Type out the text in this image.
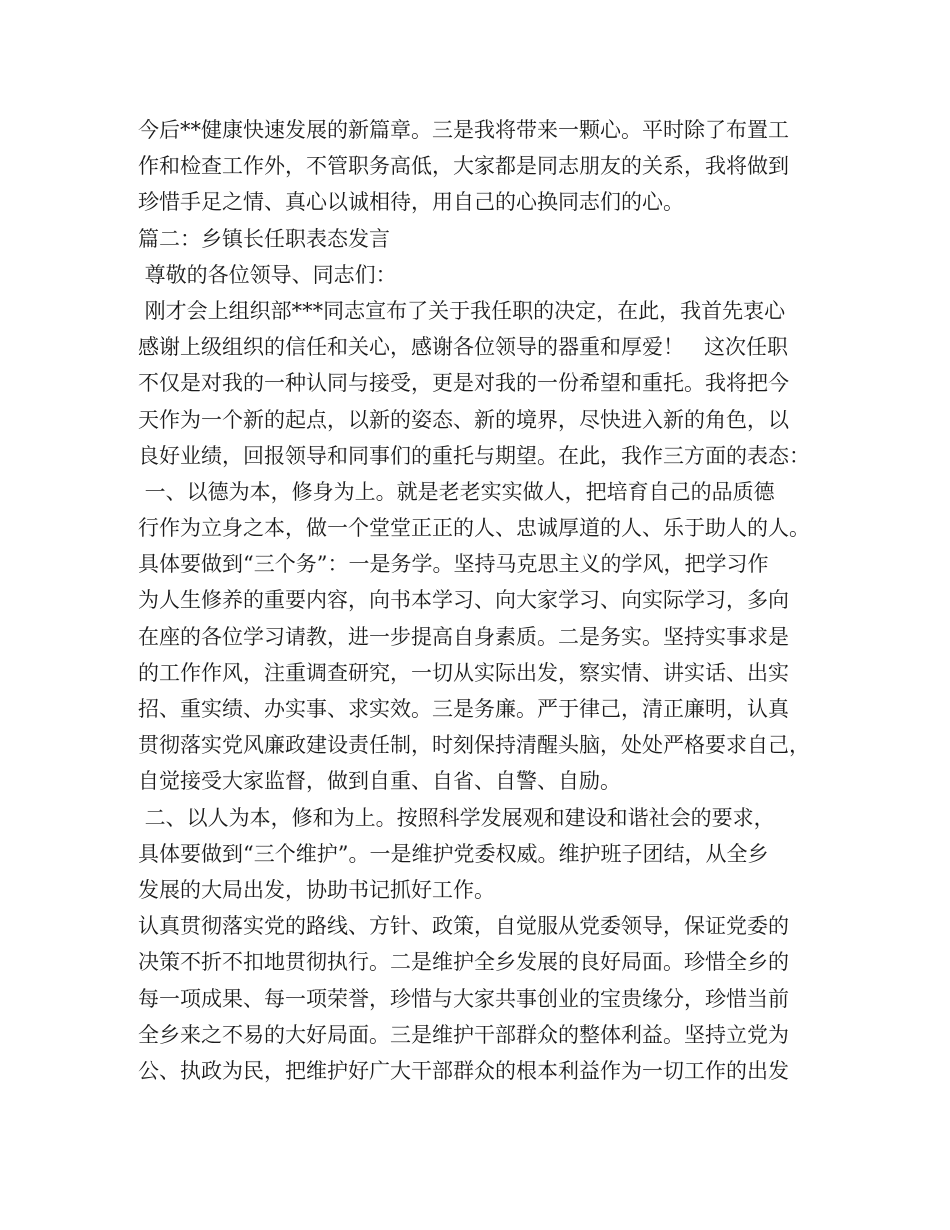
今后**健康快速发展的新篇章。三是我将带来一颗心。平时除了布置工
作和检查工作外，不管职务高低，大家都是同志朋友的关系，我将做到
珍惜手足之情、真心以诚相待，用自己的心换同志们的心。
篇二：乡镇长任职表态发言
尊敬的各位领导、同志们：
刚才会上组织部***同志宣布了关于我任职的决定，在此，我首先衷心
感谢上级组织的信任和关心，感谢各位领导的器重和厚爱！   这次任职
不仅是对我的一种认同与接受，更是对我的一份希望和重托。我将把今
天作为一个新的起点，以新的姿态、新的境界，尽快进入新的角色，以
良好业绩，回报领导和同事们的重托与期望。在此，我作三方面的表态：
一、以德为本，修身为上。就是老老实实做人，把培育自己的品质德
行作为立身之本，做一个堂堂正正的人、忠诚厚道的人、乐于助人的人。
具体要做到“三个务”：一是务学。坚持马克思主义的学风，把学习作
为人生修养的重要内容，向书本学习、向大家学习、向实际学习，多向
在座的各位学习请教，进一步提高自身素质。二是务实。坚持实事求是
的工作作风，注重调查研究，一切从实际出发，察实情、讲实话、出实
招、重实绩、办实事、求实效。三是务廉。严于律己，清正廉明，认真
贯彻落实党风廉政建设责任制，时刻保持清醒头脑，处处严格要求自己，
自觉接受大家监督，做到自重、自省、自警、自励。
二、以人为本，修和为上。按照科学发展观和建设和谐社会的要求，
具体要做到“三个维护”。一是维护党委权威。维护班子团结，从全乡
发展的大局出发，协助书记抓好工作。
认真贯彻落实党的路线、方针、政策，自觉服从党委领导，保证党委的
决策不折不扣地贯彻执行。二是维护全乡发展的良好局面。珍惜全乡的
每一项成果、每一项荣誉，珍惜与大家共事创业的宝贵缘分，珍惜当前
全乡来之不易的大好局面。三是维护干部群众的整体利益。坚持立党为
公、执政为民，把维护好广大干部群众的根本利益作为一切工作的出发
